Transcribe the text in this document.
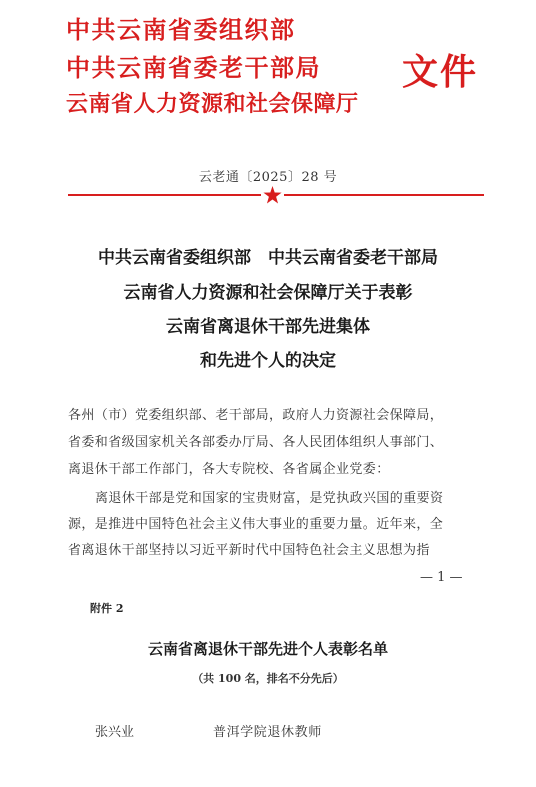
中共云南省委组织部
中共云南省委老干部局
云南省人力资源和社会保障厅
文件
云老通〔2025〕28 号
中共云南省委组织部　中共云南省委老干部局
云南省人力资源和社会保障厅关于表彰
云南省离退休干部先进集体
和先进个人的决定
各州（市）党委组织部、老干部局，政府人力资源社会保障局，
省委和省级国家机关各部委办厅局、各人民团体组织人事部门、
离退休干部工作部门，各大专院校、各省属企业党委：
离退休干部是党和国家的宝贵财富，是党执政兴国的重要资
源，是推进中国特色社会主义伟大事业的重要力量。近年来，全
省离退休干部坚持以习近平新时代中国特色社会主义思想为指
— 1 —
附件 2
云南省离退休干部先进个人表彰名单
（共 100 名，排名不分先后）
张兴业	普洱学院退休教师
